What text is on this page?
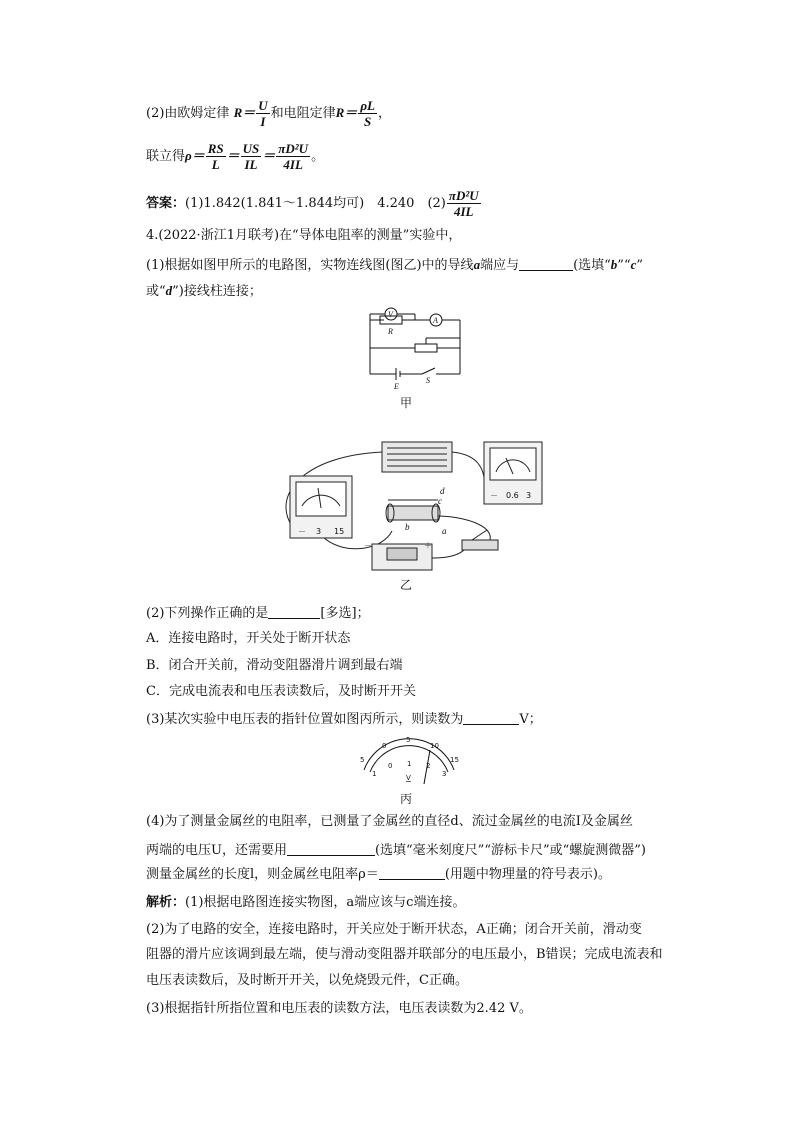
(2)由欧姆定律 $R= \frac{U}{I}$ 和电阻定律$R= \frac{\rho L}{S}$ ，
联立得$\rho= \frac{RS}{L} = \frac{US}{IL} = \frac{\text{πD²U}}{4IL}$ 。
答案：(1)1.842(1.841～1.844均可)　4.240　$(2) \frac{\text{πD²U}}{4IL}$
4.(2022·浙江1月联考)在“导体电阻率的测量”实验中，
(1)根据如图甲所示的电路图，实物连线图(图乙)中的导线a端应与	(选填“b”“c”
或“d”)接线柱连接；
V
A
R
E
S
甲
－ 3 15
－ 0.6 3
－	＋
b
c
d
a
乙
(2)下列操作正确的是	[多选]；
A．连接电路时，开关处于断开状态
B．闭合开关前，滑动变阻器滑片调到最右端
C．完成电流表和电压表读数后，及时断开开关
(3)某次实验中电压表的指针位置如图丙所示，则读数为	V；
5
0
5
10
15
1
0 1 2
3
V
丙
(4)为了测量金属丝的电阻率，已测量了金属丝的直径d、流过金属丝的电流I及金属丝
两端的电压U，还需要用	(选填“毫米刻度尺”“游标卡尺”或“螺旋测微器”)
测量金属丝的长度l，则金属丝电阻率ρ＝	(用题中物理量的符号表示)。
解析：(1)根据电路图连接实物图，a端应该与c端连接。
(2)为了电路的安全，连接电路时，开关应处于断开状态，A正确；闭合开关前，滑动变
阻器的滑片应该调到最左端，使与滑动变阻器并联部分的电压最小，B错误；完成电流表和
电压表读数后，及时断开开关，以免烧毁元件，C正确。
(3)根据指针所指位置和电压表的读数方法，电压表读数为2.42 V。
